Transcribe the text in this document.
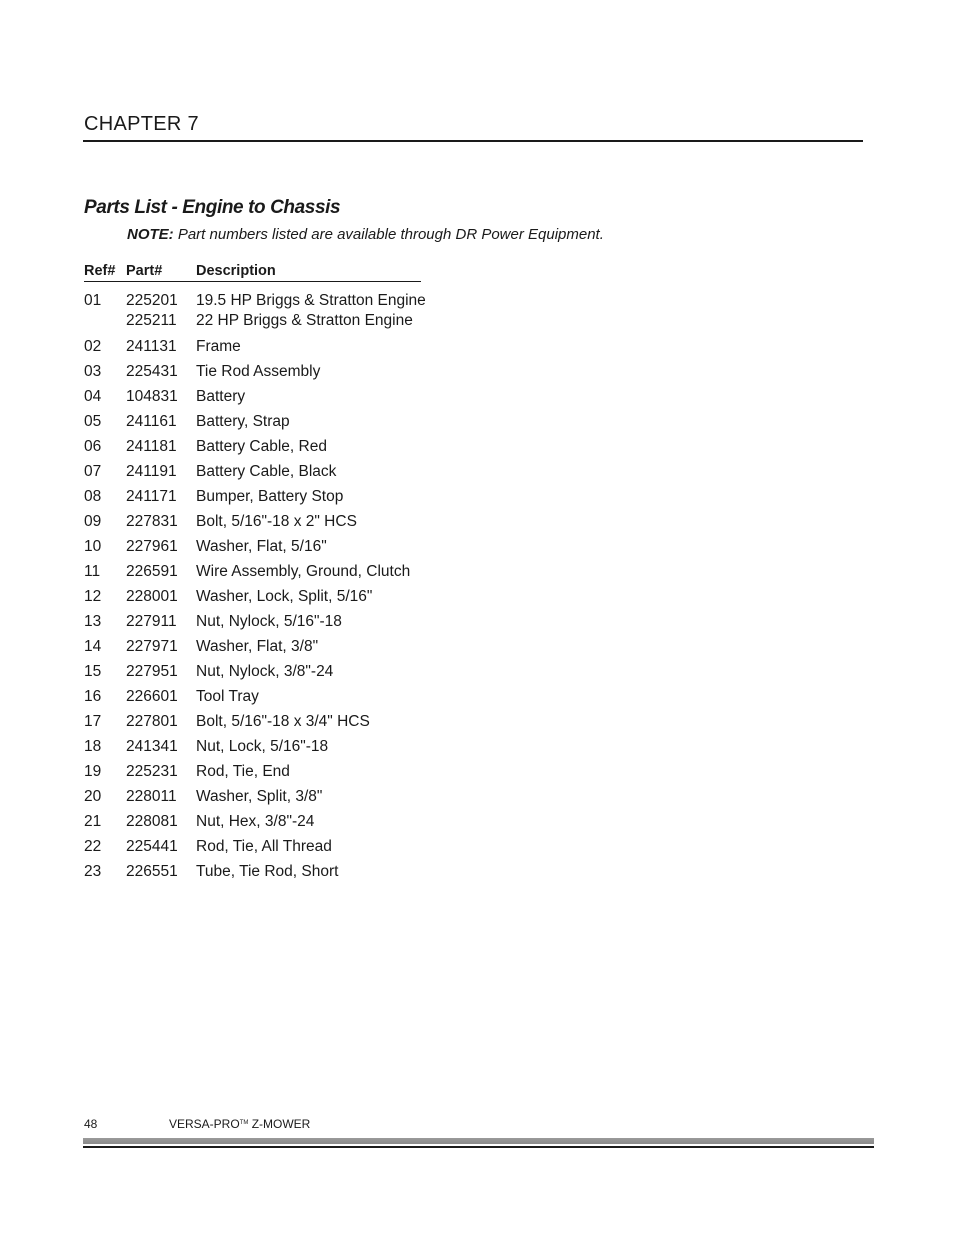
CHAPTER 7
Parts List - Engine to Chassis
NOTE: Part numbers listed are available through DR Power Equipment.
Ref# Part# Description
01 225201 19.5 HP Briggs & Stratton Engine
225211 22 HP Briggs & Stratton Engine
02 241131 Frame
03 225431 Tie Rod Assembly
04 104831 Battery
05 241161 Battery, Strap
06 241181 Battery Cable, Red
07 241191 Battery Cable, Black
08 241171 Bumper, Battery Stop
09 227831 Bolt, 5/16"-18 x 2" HCS
10 227961 Washer, Flat, 5/16"
11 226591 Wire Assembly, Ground, Clutch
12 228001 Washer, Lock, Split, 5/16"
13 227911 Nut, Nylock, 5/16"-18
14 227971 Washer, Flat, 3/8"
15 227951 Nut, Nylock, 3/8"-24
16 226601 Tool Tray
17 227801 Bolt, 5/16"-18 x 3/4" HCS
18 241341 Nut, Lock, 5/16"-18
19 225231 Rod, Tie, End
20 228011 Washer, Split, 3/8"
21 228081 Nut, Hex, 3/8"-24
22 225441 Rod, Tie, All Thread
23 226551 Tube, Tie Rod, Short
48	VERSA-PRO™ Z-MOWER
